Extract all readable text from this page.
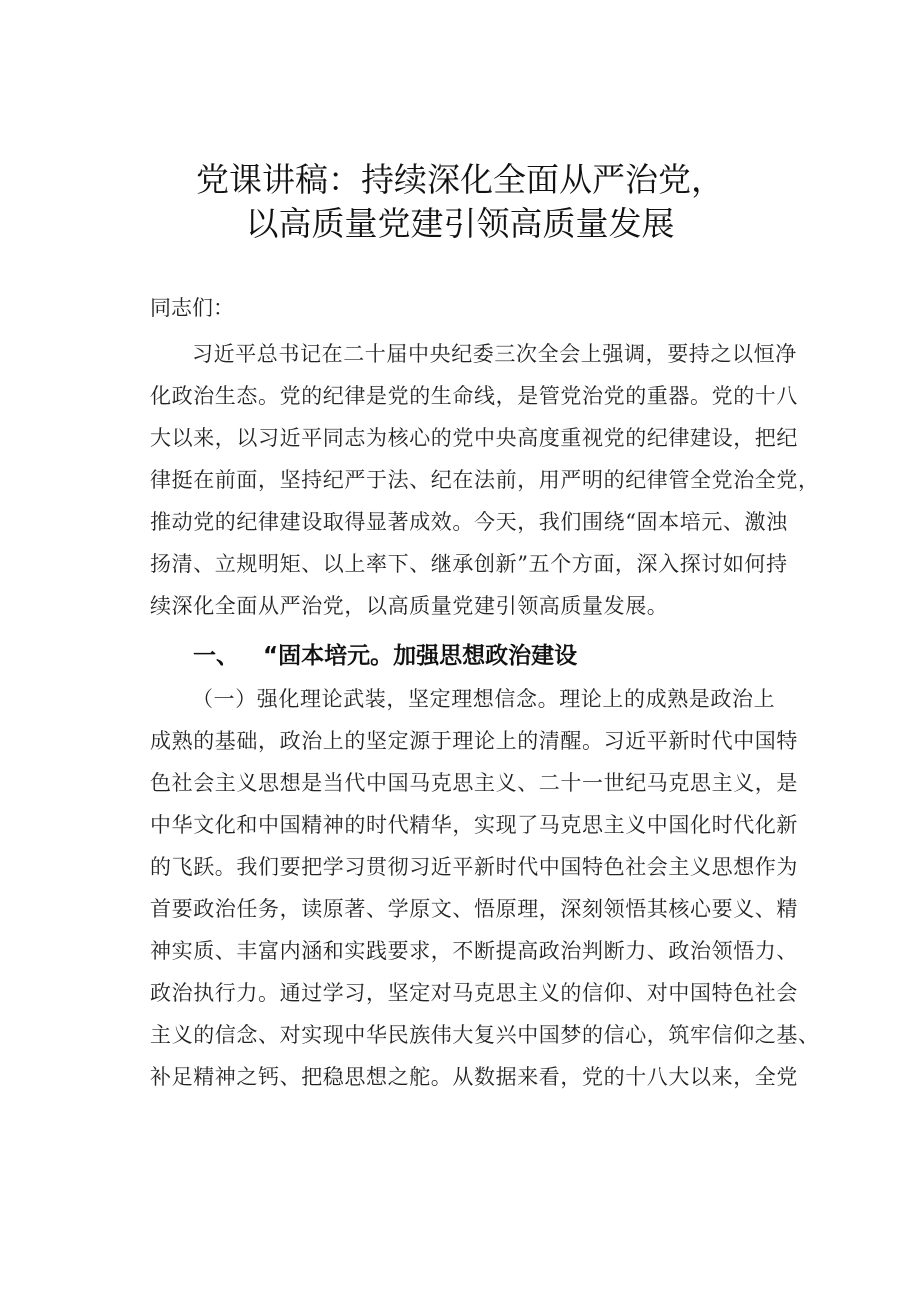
党课讲稿：持续深化全面从严治党，
以高质量党建引领高质量发展
同志们：
习近平总书记在二十届中央纪委三次全会上强调，要持之以恒净
化政治生态。党的纪律是党的生命线，是管党治党的重器。党的十八
大以来，以习近平同志为核心的党中央高度重视党的纪律建设，把纪
律挺在前面，坚持纪严于法、纪在法前，用严明的纪律管全党治全党，
推动党的纪律建设取得显著成效。今天，我们围绕“固本培元、激浊
扬清、立规明矩、以上率下、继承创新”五个方面，深入探讨如何持
续深化全面从严治党，以高质量党建引领高质量发展。
一、 “固本培元。加强思想政治建设
（一）强化理论武装，坚定理想信念。理论上的成熟是政治上
成熟的基础，政治上的坚定源于理论上的清醒。习近平新时代中国特
色社会主义思想是当代中国马克思主义、二十一世纪马克思主义，是
中华文化和中国精神的时代精华，实现了马克思主义中国化时代化新
的飞跃。我们要把学习贯彻习近平新时代中国特色社会主义思想作为
首要政治任务，读原著、学原文、悟原理，深刻领悟其核心要义、精
神实质、丰富内涵和实践要求，不断提高政治判断力、政治领悟力、
政治执行力。通过学习，坚定对马克思主义的信仰、对中国特色社会
主义的信念、对实现中华民族伟大复兴中国梦的信心，筑牢信仰之基、
补足精神之钙、把稳思想之舵。从数据来看，党的十八大以来，全党
